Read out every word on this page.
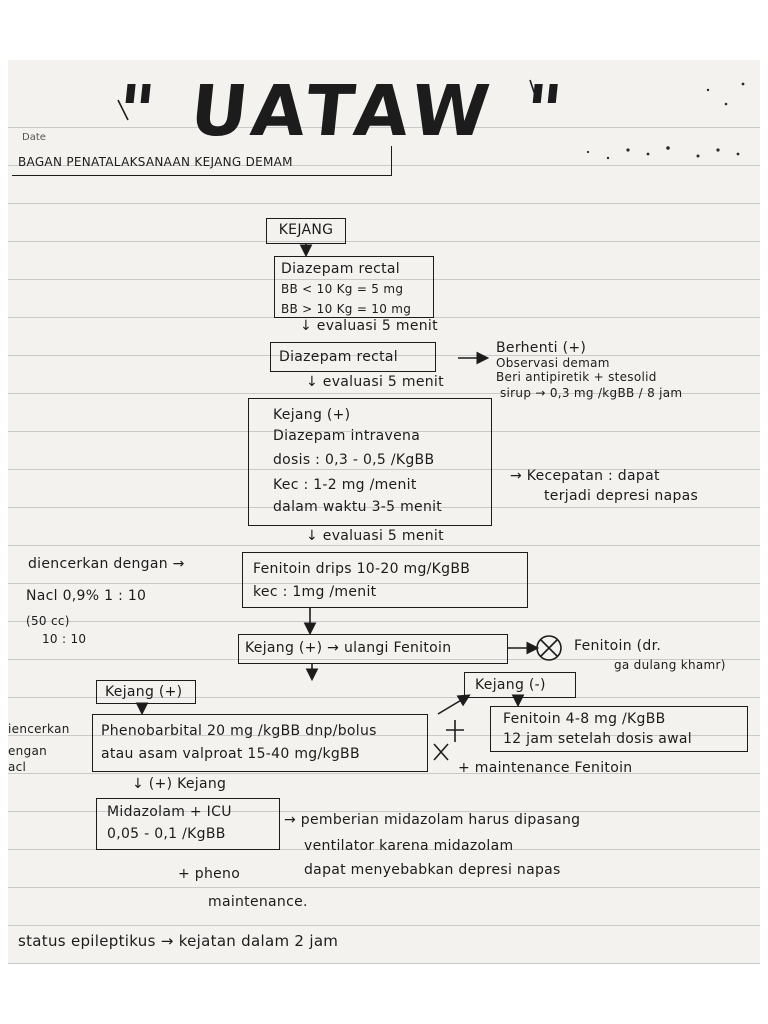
Date " UATAW "
BAGAN PENATALAKSANAAN KEJANG DEMAM
KEJANG
Diazepam rectal
BB < 10 Kg = 5 mg
BB > 10 Kg = 10 mg
↓ evaluasi 5 menit
Diazepam rectal
Berhenti (+)
Observasi demam
Beri antipiretik + stesolid
sirup → 0,3 mg /kgBB / 8 jam
↓ evaluasi 5 menit
Kejang (+)
Diazepam intravena
dosis : 0,3 - 0,5 /KgBB
Kec : 1-2 mg /menit
dalam waktu 3-5 menit
→ Kecepatan : dapat
terjadi depresi napas
↓ evaluasi 5 menit
diencerkan dengan →
Nacl 0,9% 1 : 10
(50 cc)
10 : 10
Fenitoin drips 10-20 mg/KgBB
kec : 1mg /menit
Kejang (+) → ulangi Fenitoin	Fenitoin (dr.
ga dulang khamr)
Kejang (+)	Kejang (-)
iencerkan
engan
acl
Phenobarbital 20 mg /kgBB dnp/bolus
atau asam valproat 15-40 mg/kgBB
Fenitoin 4-8 mg /KgBB
12 jam setelah dosis awal
+ maintenance Fenitoin
↓ (+) Kejang
Midazolam + ICU
0,05 - 0,1 /KgBB
→ pemberian midazolam harus dipasang
ventilator karena midazolam
dapat menyebabkan depresi napas
+ pheno
maintenance.
status epileptikus → kejatan dalam 2 jam
